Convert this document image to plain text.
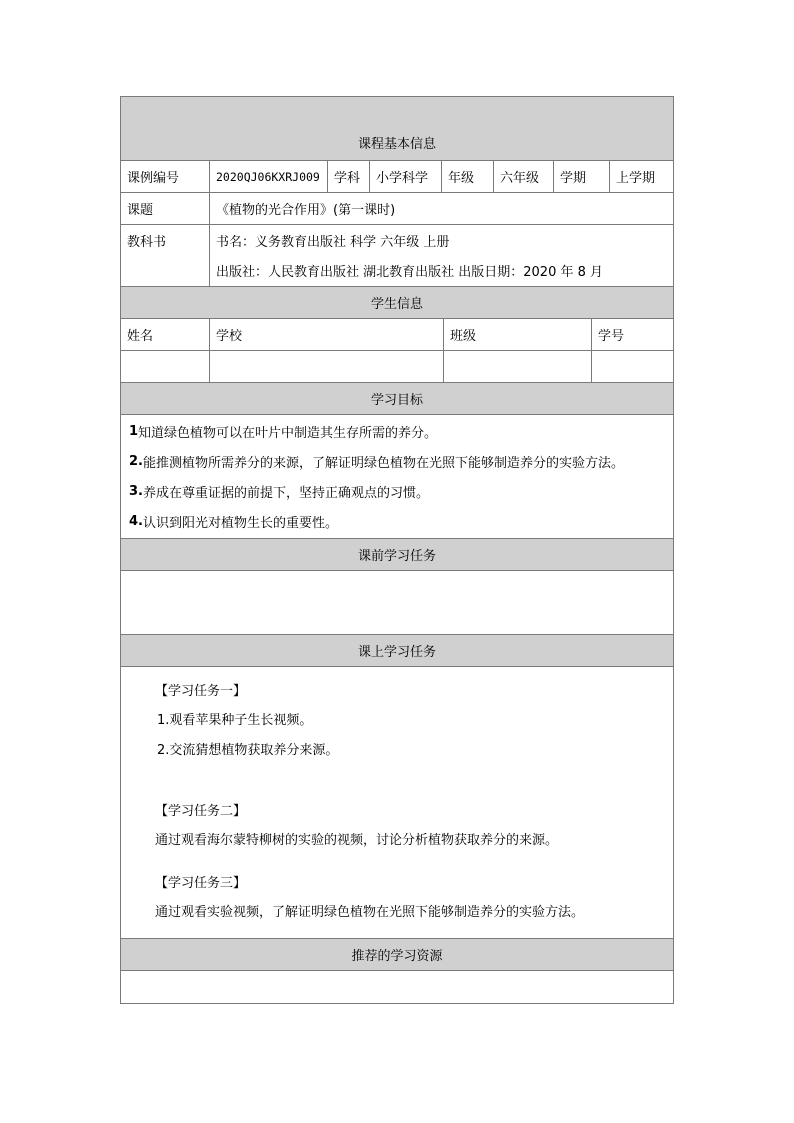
课程基本信息
课例编号	2020QJ06KXRJ009	学科	小学科学	年级	六年级	学期	上学期
课题	《植物的光合作用》(第一课时)
教科书	书名：义务教育出版社 科学 六年级 上册
出版社：人民教育出版社 湖北教育出版社 出版日期：2020 年 8 月
学生信息
姓名	学校	班级	学号
学习目标
1 知道绿色植物可以在叶片中制造其生存所需的养分。
2. 能推测植物所需养分的来源，了解证明绿色植物在光照下能够制造养分的实验方法。
3. 养成在尊重证据的前提下，坚持正确观点的习惯。
4. 认识到阳光对植物生长的重要性。
课前学习任务
课上学习任务
【学习任务一】
1.观看苹果种子生长视频。
2.交流猜想植物获取养分来源。
【学习任务二】
通过观看海尔蒙特柳树的实验的视频，讨论分析植物获取养分的来源。
【学习任务三】
通过观看实验视频，了解证明绿色植物在光照下能够制造养分的实验方法。
推荐的学习资源
